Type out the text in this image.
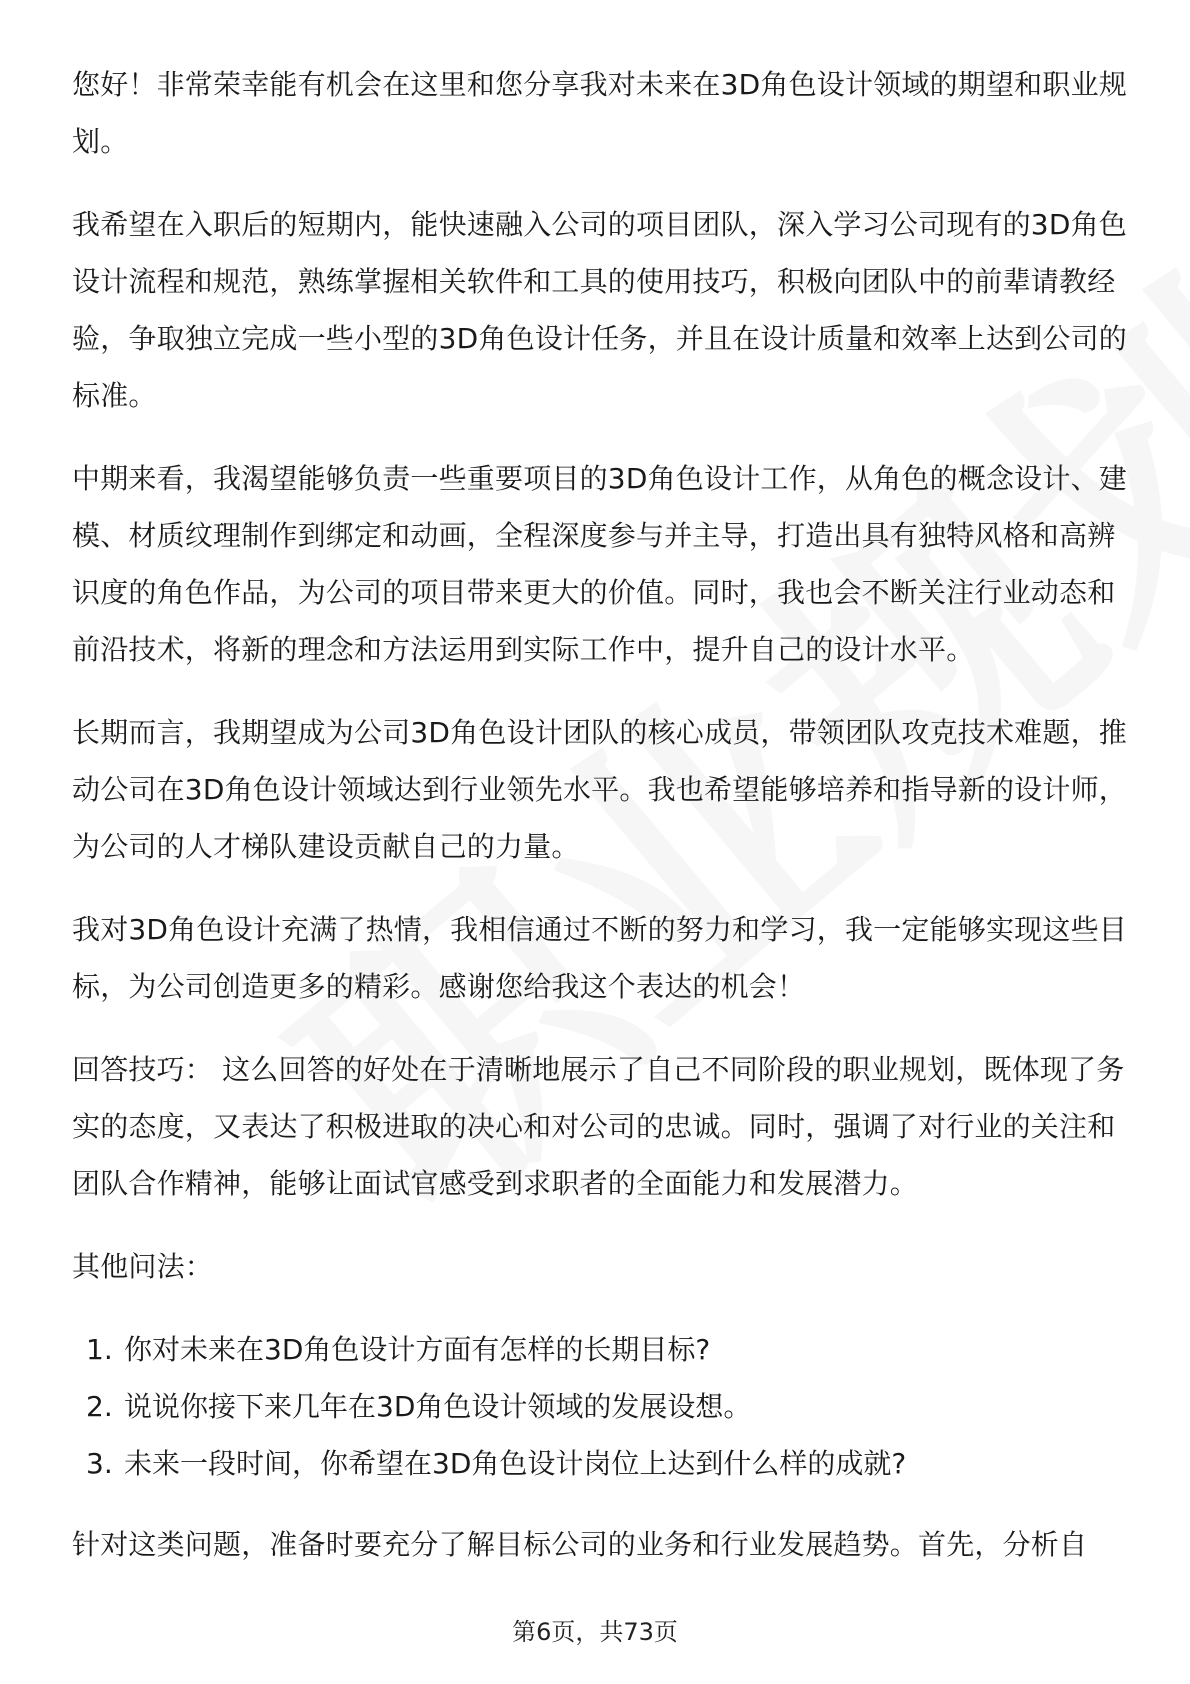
您好！非常荣幸能有机会在这里和您分享我对未来在3D角色设计领域的期望和职业规划。

我希望在入职后的短期内，能快速融入公司的项目团队，深入学习公司现有的3D角色设计流程和规范，熟练掌握相关软件和工具的使用技巧，积极向团队中的前辈请教经验，争取独立完成一些小型的3D角色设计任务，并且在设计质量和效率上达到公司的标准。

中期来看，我渴望能够负责一些重要项目的3D角色设计工作，从角色的概念设计、建模、材质纹理制作到绑定和动画，全程深度参与并主导，打造出具有独特风格和高辨识度的角色作品，为公司的项目带来更大的价值。同时，我也会不断关注行业动态和前沿技术，将新的理念和方法运用到实际工作中，提升自己的设计水平。

长期而言，我期望成为公司3D角色设计团队的核心成员，带领团队攻克技术难题，推动公司在3D角色设计领域达到行业领先水平。我也希望能够培养和指导新的设计师，为公司的人才梯队建设贡献自己的力量。

我对3D角色设计充满了热情，我相信通过不断的努力和学习，我一定能够实现这些目标，为公司创造更多的精彩。感谢您给我这个表达的机会！

回答技巧： 这么回答的好处在于清晰地展示了自己不同阶段的职业规划，既体现了务实的态度，又表达了积极进取的决心和对公司的忠诚。同时，强调了对行业的关注和团队合作精神，能够让面试官感受到求职者的全面能力和发展潜力。

其他问法：

1. 你对未来在3D角色设计方面有怎样的长期目标?
2. 说说你接下来几年在3D角色设计领域的发展设想。
3. 未来一段时间，你希望在3D角色设计岗位上达到什么样的成就?

针对这类问题，准备时要充分了解目标公司的业务和行业发展趋势。首先，分析自

第6页，共73页
